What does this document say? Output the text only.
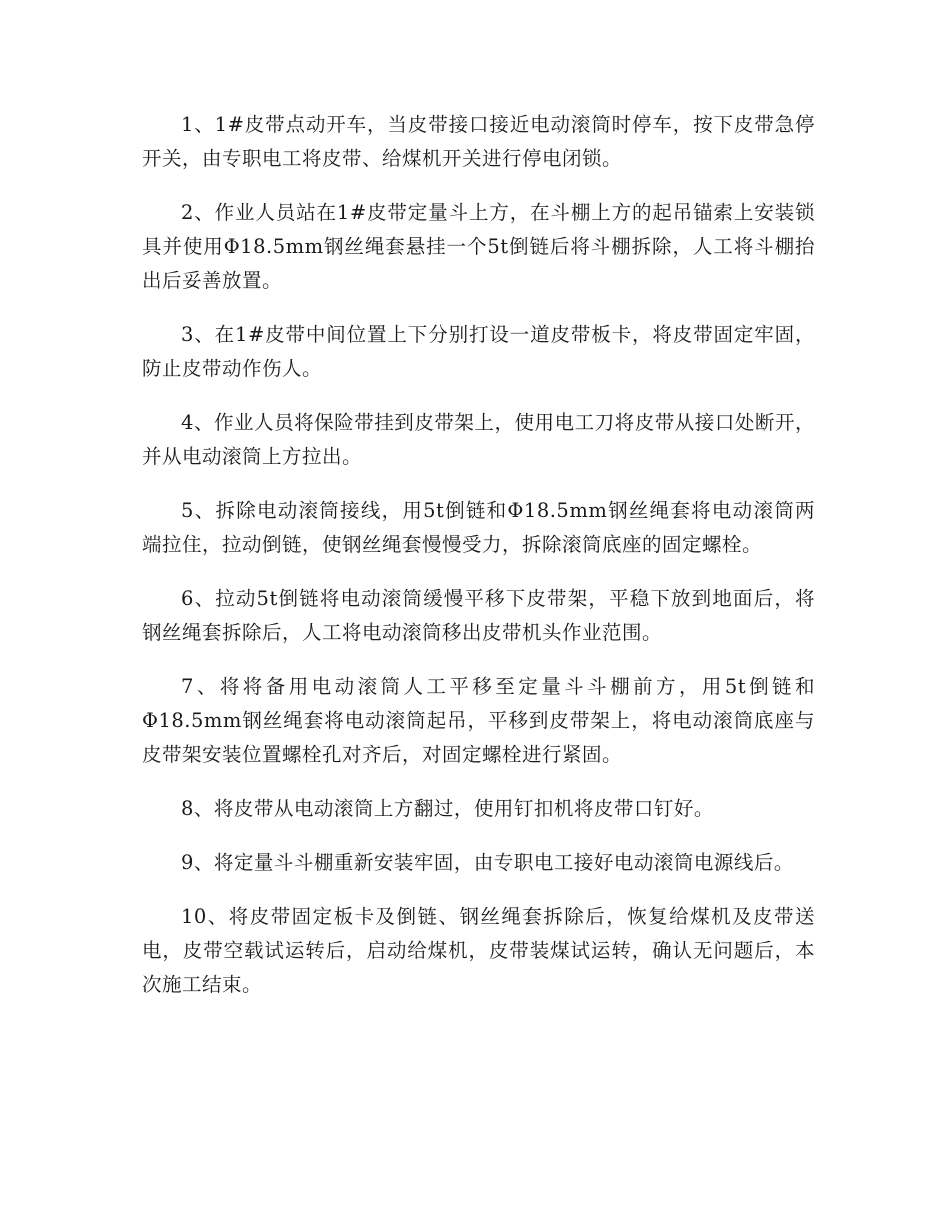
1、1#皮带点动开车，当皮带接口接近电动滚筒时停车，按下皮带急停开关，由专职电工将皮带、给煤机开关进行停电闭锁。

2、作业人员站在1#皮带定量斗上方，在斗棚上方的起吊锚索上安装锁具并使用Φ18.5mm钢丝绳套悬挂一个5t倒链后将斗棚拆除，人工将斗棚抬出后妥善放置。

3、在1#皮带中间位置上下分别打设一道皮带板卡，将皮带固定牢固，防止皮带动作伤人。

4、作业人员将保险带挂到皮带架上，使用电工刀将皮带从接口处断开，并从电动滚筒上方拉出。

5、拆除电动滚筒接线，用5t倒链和Φ18.5mm钢丝绳套将电动滚筒两端拉住，拉动倒链，使钢丝绳套慢慢受力，拆除滚筒底座的固定螺栓。

6、拉动5t倒链将电动滚筒缓慢平移下皮带架，平稳下放到地面后，将钢丝绳套拆除后，人工将电动滚筒移出皮带机头作业范围。

7、将将备用电动滚筒人工平移至定量斗斗棚前方，用5t倒链和Φ18.5mm钢丝绳套将电动滚筒起吊，平移到皮带架上，将电动滚筒底座与皮带架安装位置螺栓孔对齐后，对固定螺栓进行紧固。

8、将皮带从电动滚筒上方翻过，使用钉扣机将皮带口钉好。

9、将定量斗斗棚重新安装牢固，由专职电工接好电动滚筒电源线后。

10、将皮带固定板卡及倒链、钢丝绳套拆除后，恢复给煤机及皮带送电，皮带空载试运转后，启动给煤机，皮带装煤试运转，确认无问题后，本次施工结束。
